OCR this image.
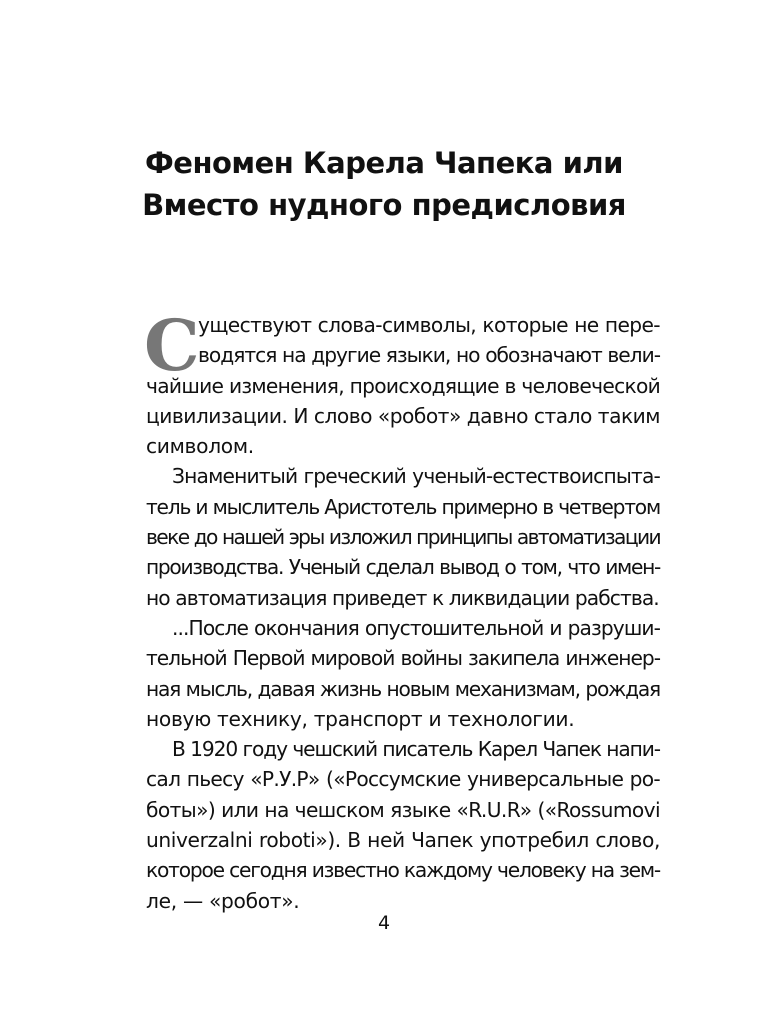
Феномен Карела Чапека или
Вместо нудного предисловия
С
уществуют слова-символы, которые не пере-
водятся на другие языки, но обозначают вели-
чайшие изменения, происходящие в человеческой
цивилизации. И слово «робот» давно стало таким
символом.
Знаменитый греческий ученый-естествоиспыта-
тель и мыслитель Аристотель примерно в четвертом
веке до нашей эры изложил принципы автоматизации
производства. Ученый сделал вывод о том, что имен-
но автоматизация приведет к ликвидации рабства.
...После окончания опустошительной и разруши-
тельной Первой мировой войны закипела инженер-
ная мысль, давая жизнь новым механизмам, рождая
новую технику, транспорт и технологии.
В 1920 году чешский писатель Карел Чапек напи-
сал пьесу «Р.У.Р» («Россумские универсальные ро-
боты») или на чешском языке «R.U.R» («Rossumovi
univerzalni roboti»). В ней Чапек употребил слово,
которое сегодня известно каждому человеку на зем-
ле, — «робот».
4
